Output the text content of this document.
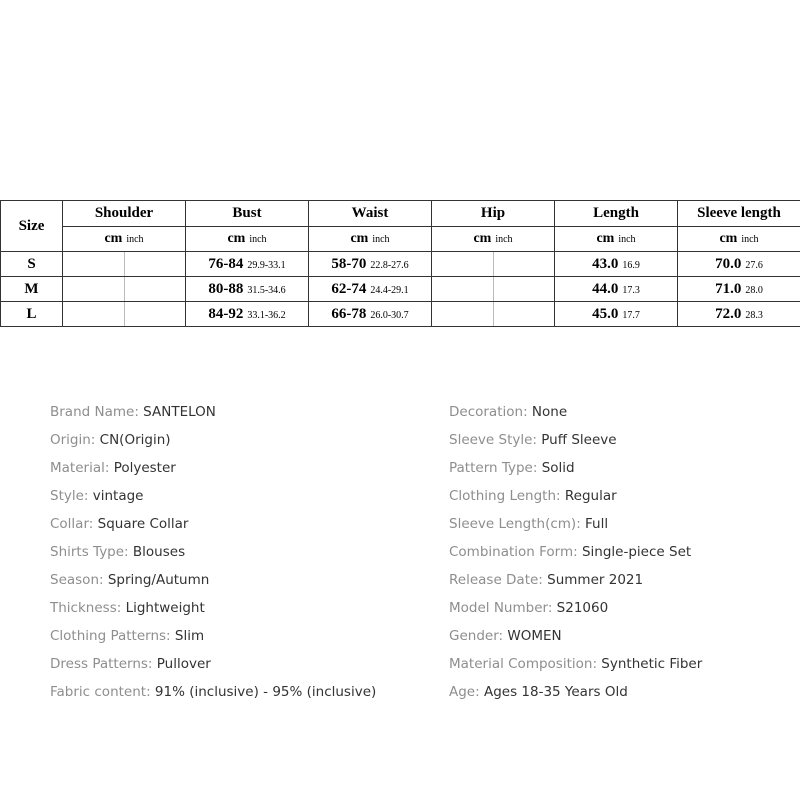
Size	Shoulder	Bust	Waist	Hip	Length	Sleeve length
	cm inch	cm inch	cm inch	cm inch	cm inch	cm inch
S		76-84 29.9-33.1	58-70 22.8-27.6		43.0 16.9	70.0 27.6
M		80-88 31.5-34.6	62-74 24.4-29.1		44.0 17.3	71.0 28.0
L		84-92 33.1-36.2	66-78 26.0-30.7		45.0 17.7	72.0 28.3
Brand Name: SANTELON
Origin: CN(Origin)
Material: Polyester
Style: vintage
Collar: Square Collar
Shirts Type: Blouses
Season: Spring/Autumn
Thickness: Lightweight
Clothing Patterns: Slim
Dress Patterns: Pullover
Fabric content: 91% (inclusive) - 95% (inclusive)
Decoration: None
Sleeve Style: Puff Sleeve
Pattern Type: Solid
Clothing Length: Regular
Sleeve Length(cm): Full
Combination Form: Single-piece Set
Release Date: Summer 2021
Model Number: S21060
Gender: WOMEN
Material Composition: Synthetic Fiber
Age: Ages 18-35 Years Old
